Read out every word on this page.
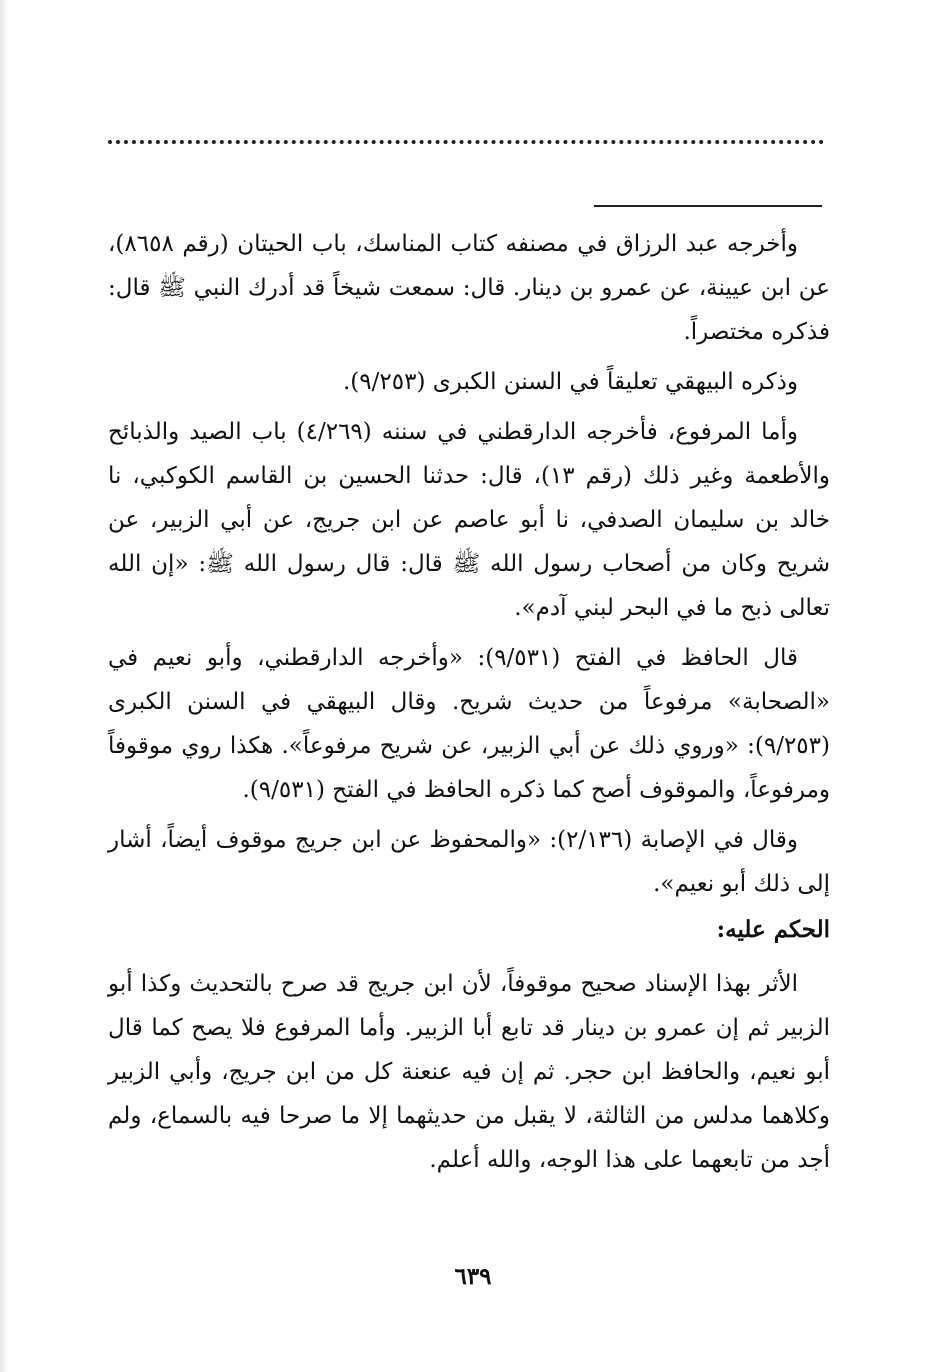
وأخرجه عبد الرزاق في مصنفه كتاب المناسك، باب الحيتان (رقم ٨٦٥٨)، عن ابن عيينة، عن عمرو بن دينار. قال: سمعت شيخاً قد أدرك النبي ﷺ قال: فذكره مختصراً.

وذكره البيهقي تعليقاً في السنن الكبرى (٩/٢٥٣).

وأما المرفوع، فأخرجه الدارقطني في سننه (٤/٢٦٩) باب الصيد والذبائح والأطعمة وغير ذلك (رقم ١٣)، قال: حدثنا الحسين بن القاسم الكوكبي، نا خالد بن سليمان الصدفي، نا أبو عاصم عن ابن جريج، عن أبي الزبير، عن شريح وكان من أصحاب رسول الله ﷺ قال: قال رسول الله ﷺ: «إن الله تعالى ذبح ما في البحر لبني آدم».

قال الحافظ في الفتح (٩/٥٣١): «وأخرجه الدارقطني، وأبو نعيم في «الصحابة» مرفوعاً من حديث شريح. وقال البيهقي في السنن الكبرى (٩/٢٥٣): «وروي ذلك عن أبي الزبير، عن شريح مرفوعاً». هكذا روي موقوفاً ومرفوعاً، والموقوف أصح كما ذكره الحافظ في الفتح (٩/٥٣١).

وقال في الإصابة (٢/١٣٦): «والمحفوظ عن ابن جريج موقوف أيضاً، أشار إلى ذلك أبو نعيم».

الحكم عليه:

الأثر بهذا الإسناد صحيح موقوفاً، لأن ابن جريج قد صرح بالتحديث وكذا أبو الزبير ثم إن عمرو بن دينار قد تابع أبا الزبير. وأما المرفوع فلا يصح كما قال أبو نعيم، والحافظ ابن حجر. ثم إن فيه عنعنة كل من ابن جريج، وأبي الزبير وكلاهما مدلس من الثالثة، لا يقبل من حديثهما إلا ما صرحا فيه بالسماع، ولم أجد من تابعهما على هذا الوجه، والله أعلم.

٦٣٩
